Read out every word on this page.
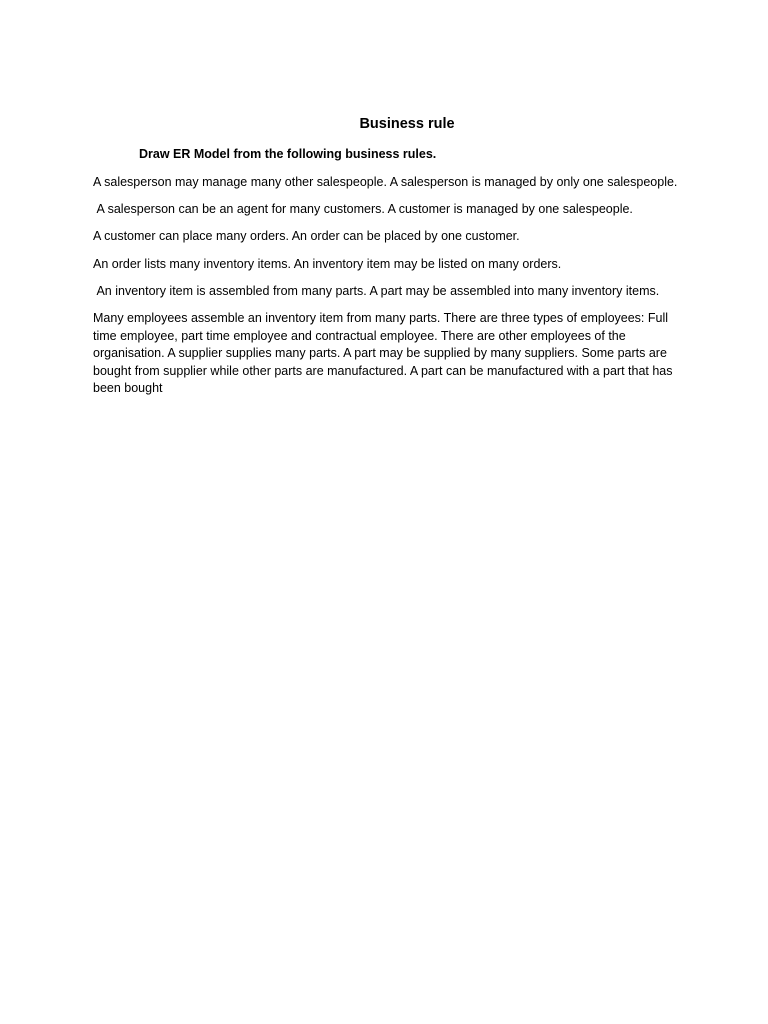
Business rule
Draw ER Model from the following business rules.

A salesperson may manage many other salespeople. A salesperson is managed by only one salespeople.

A salesperson can be an agent for many customers. A customer is managed by one salespeople.

A customer can place many orders. An order can be placed by one customer.

An order lists many inventory items. An inventory item may be listed on many orders.

An inventory item is assembled from many parts. A part may be assembled into many inventory items.

Many employees assemble an inventory item from many parts. There are three types of employees: Full time employee, part time employee and contractual employee. There are other employees of the organisation. A supplier supplies many parts. A part may be supplied by many suppliers. Some parts are bought from supplier while other parts are manufactured. A part can be manufactured with a part that has been bought
